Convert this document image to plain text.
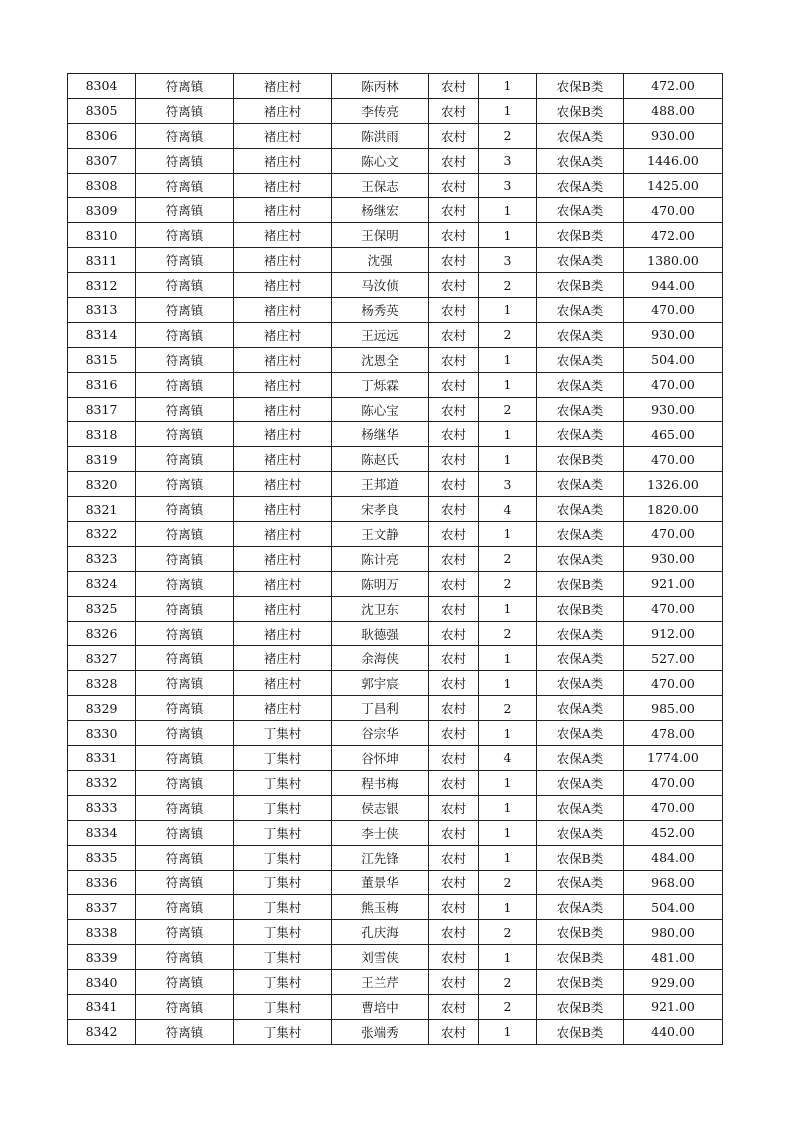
8304	符离镇	褚庄村	陈丙林	农村	1	农保B类	472.00
8305	符离镇	褚庄村	李传亮	农村	1	农保B类	488.00
8306	符离镇	褚庄村	陈洪雨	农村	2	农保A类	930.00
8307	符离镇	褚庄村	陈心文	农村	3	农保A类	1446.00
8308	符离镇	褚庄村	王保志	农村	3	农保A类	1425.00
8309	符离镇	褚庄村	杨继宏	农村	1	农保A类	470.00
8310	符离镇	褚庄村	王保明	农村	1	农保B类	472.00
8311	符离镇	褚庄村	沈强	农村	3	农保A类	1380.00
8312	符离镇	褚庄村	马汝侦	农村	2	农保B类	944.00
8313	符离镇	褚庄村	杨秀英	农村	1	农保A类	470.00
8314	符离镇	褚庄村	王远远	农村	2	农保A类	930.00
8315	符离镇	褚庄村	沈恩全	农村	1	农保A类	504.00
8316	符离镇	褚庄村	丁烁霖	农村	1	农保A类	470.00
8317	符离镇	褚庄村	陈心宝	农村	2	农保A类	930.00
8318	符离镇	褚庄村	杨继华	农村	1	农保A类	465.00
8319	符离镇	褚庄村	陈赵氏	农村	1	农保B类	470.00
8320	符离镇	褚庄村	王邦道	农村	3	农保A类	1326.00
8321	符离镇	褚庄村	宋孝良	农村	4	农保A类	1820.00
8322	符离镇	褚庄村	王文静	农村	1	农保A类	470.00
8323	符离镇	褚庄村	陈计亮	农村	2	农保A类	930.00
8324	符离镇	褚庄村	陈明万	农村	2	农保B类	921.00
8325	符离镇	褚庄村	沈卫东	农村	1	农保B类	470.00
8326	符离镇	褚庄村	耿德强	农村	2	农保A类	912.00
8327	符离镇	褚庄村	余海侠	农村	1	农保A类	527.00
8328	符离镇	褚庄村	郭宇宸	农村	1	农保A类	470.00
8329	符离镇	褚庄村	丁昌利	农村	2	农保A类	985.00
8330	符离镇	丁集村	谷宗华	农村	1	农保A类	478.00
8331	符离镇	丁集村	谷怀坤	农村	4	农保A类	1774.00
8332	符离镇	丁集村	程书梅	农村	1	农保A类	470.00
8333	符离镇	丁集村	侯志银	农村	1	农保A类	470.00
8334	符离镇	丁集村	李士侠	农村	1	农保A类	452.00
8335	符离镇	丁集村	江先锋	农村	1	农保B类	484.00
8336	符离镇	丁集村	董景华	农村	2	农保A类	968.00
8337	符离镇	丁集村	熊玉梅	农村	1	农保A类	504.00
8338	符离镇	丁集村	孔庆海	农村	2	农保B类	980.00
8339	符离镇	丁集村	刘雪侠	农村	1	农保B类	481.00
8340	符离镇	丁集村	王兰芹	农村	2	农保B类	929.00
8341	符离镇	丁集村	曹培中	农村	2	农保B类	921.00
8342	符离镇	丁集村	张端秀	农村	1	农保B类	440.00
